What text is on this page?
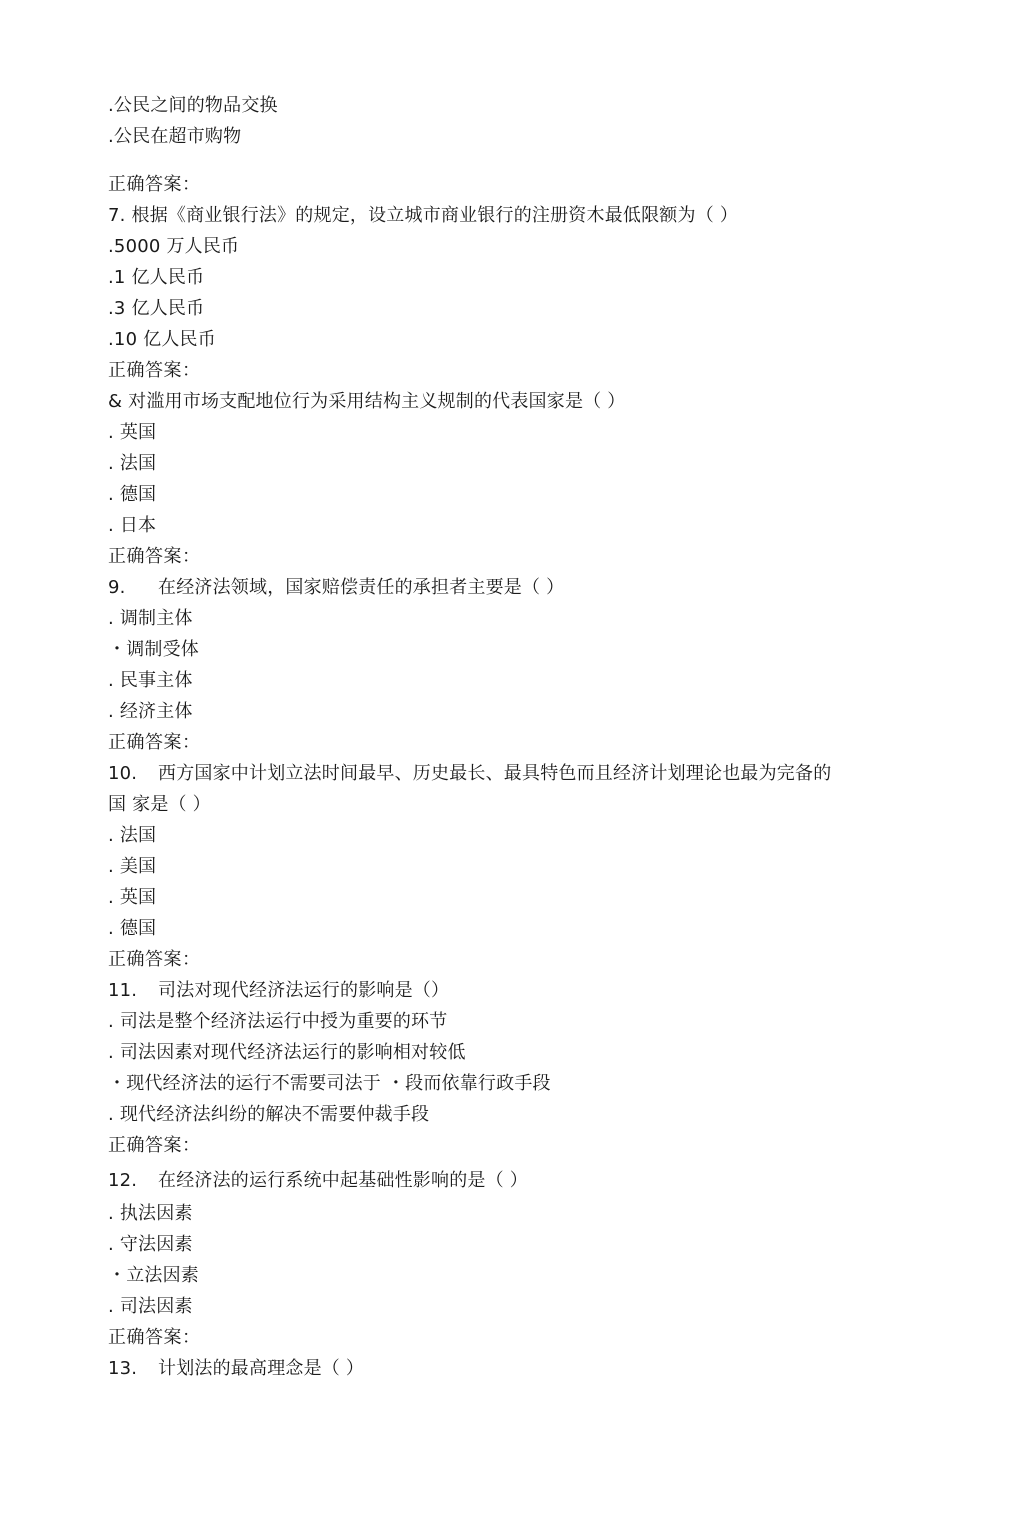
.公民之间的物品交换
.公民在超市购物
正确答案：
7. 根据《商业银行法》的规定，设立城市商业银行的注册资木最低限额为（ ）
.5000 万人民币
.1 亿人民币
.3 亿人民币
.10 亿人民币
正确答案：
& 对滥用市场支配地位行为采用结构主义规制的代表国家是（ ）
. 英国
. 法国
. 德国
. 日本
正确答案：
9. 在经济法领域，国家赔偿责任的承担者主要是（ ）
. 调制主体
・调制受体
. 民事主体
. 经济主体
正确答案：
10. 西方国家中计划立法时间最早、历史最长、最具特色而且经济计划理论也最为完备的
国 家是（ ）
. 法国
. 美国
. 英国
. 德国
正确答案：
11. 司法对现代经济法运行的影响是（）
. 司法是整个经济法运行中授为重要的环节
. 司法因素对现代经济法运行的影响相对较低
・现代经济法的运行不需要司法于 ・段而依靠行政手段
. 现代经济法纠纷的解决不需要仲裁手段
正确答案：
12. 在经济法的运行系统中起基础性影响的是（ ）
. 执法因素
. 守法因素
・立法因素
. 司法因素
正确答案：
13. 计划法的最高理念是（ ）
